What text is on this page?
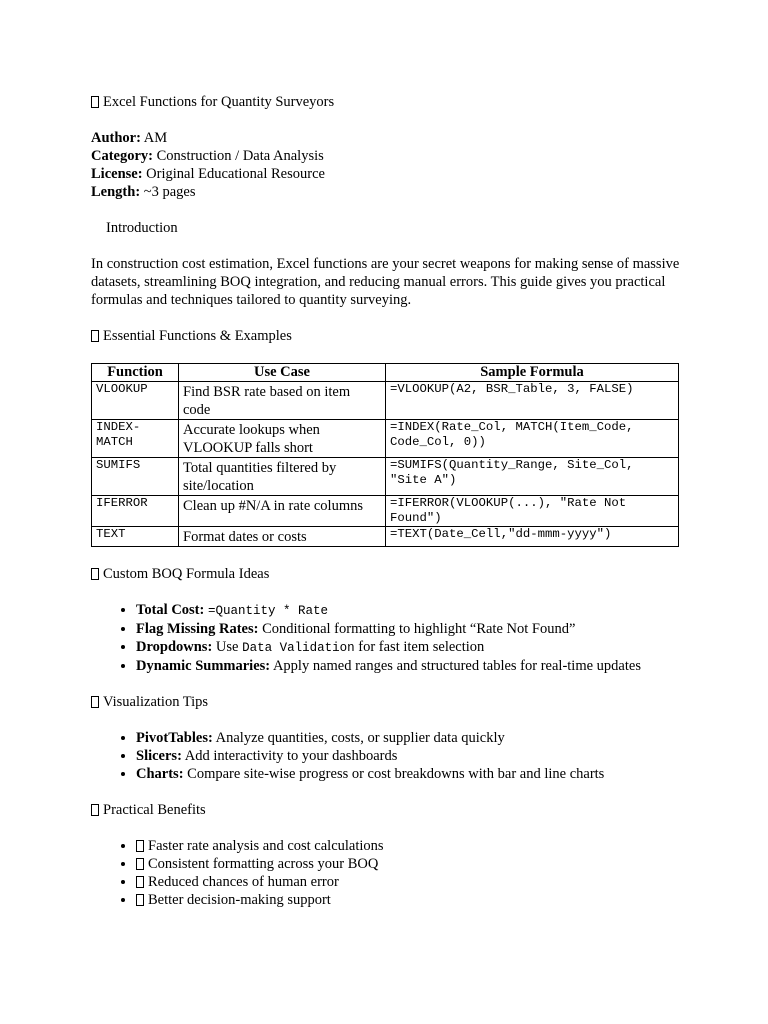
Excel Functions for Quantity Surveyors
Author: AM
Category: Construction / Data Analysis
License: Original Educational Resource
Length: ~3 pages
Introduction
In construction cost estimation, Excel functions are your secret weapons for making sense of massive datasets, streamlining BOQ integration, and reducing manual errors. This guide gives you practical formulas and techniques tailored to quantity surveying.
Essential Functions & Examples
Function	Use Case	Sample Formula
VLOOKUP	Find BSR rate based on item code	=VLOOKUP(A2, BSR_Table, 3, FALSE)
INDEX-MATCH	Accurate lookups when VLOOKUP falls short	=INDEX(Rate_Col, MATCH(Item_Code, Code_Col, 0))
SUMIFS	Total quantities filtered by site/location	=SUMIFS(Quantity_Range, Site_Col, "Site A")
IFERROR	Clean up #N/A in rate columns	=IFERROR(VLOOKUP(...), "Rate Not Found")
TEXT	Format dates or costs	=TEXT(Date_Cell,"dd-mmm-yyyy")
Custom BOQ Formula Ideas
• Total Cost: =Quantity * Rate
• Flag Missing Rates: Conditional formatting to highlight “Rate Not Found”
• Dropdowns: Use Data Validation for fast item selection
• Dynamic Summaries: Apply named ranges and structured tables for real-time updates
Visualization Tips
• PivotTables: Analyze quantities, costs, or supplier data quickly
• Slicers: Add interactivity to your dashboards
• Charts: Compare site-wise progress or cost breakdowns with bar and line charts
Practical Benefits
• Faster rate analysis and cost calculations
• Consistent formatting across your BOQ
• Reduced chances of human error
• Better decision-making support
